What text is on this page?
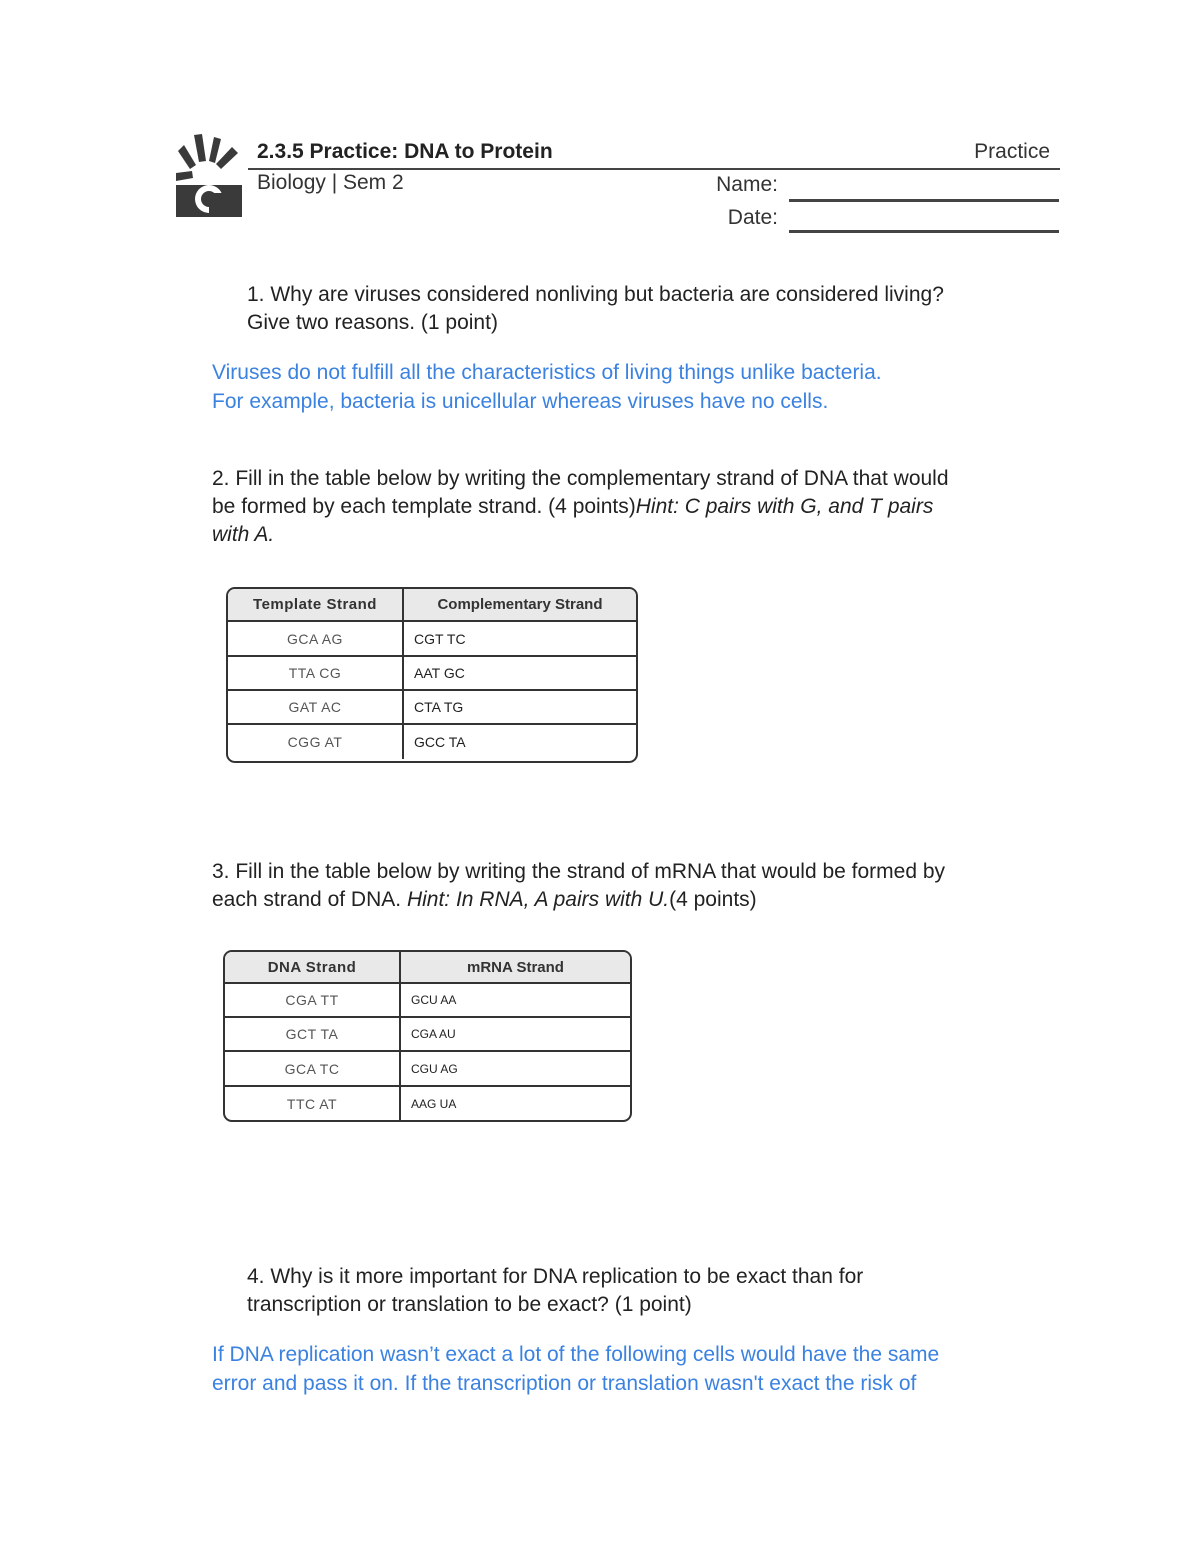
2.3.5 Practice: DNA to Protein	Practice
Biology | Sem 2	Name:
Date:
1. Why are viruses considered nonliving but bacteria are considered living?
Give two reasons. (1 point)
Viruses do not fulfill all the characteristics of living things unlike bacteria.
For example, bacteria is unicellular whereas viruses have no cells.
2. Fill in the table below by writing the complementary strand of DNA that would
be formed by each template strand. (4 points)Hint: C pairs with G, and T pairs
with A.
Template Strand	Complementary Strand
GCA AG	CGT TC
TTA CG	AAT GC
GAT AC	CTA TG
CGG AT	GCC TA
3. Fill in the table below by writing the strand of mRNA that would be formed by
each strand of DNA. Hint: In RNA, A pairs with U.(4 points)
DNA Strand	mRNA Strand
CGA TT	GCU AA
GCT TA	CGA AU
GCA TC	CGU AG
TTC AT	AAG UA
4. Why is it more important for DNA replication to be exact than for
transcription or translation to be exact? (1 point)
If DNA replication wasn’t exact a lot of the following cells would have the same
error and pass it on. If the transcription or translation wasn't exact the risk of
